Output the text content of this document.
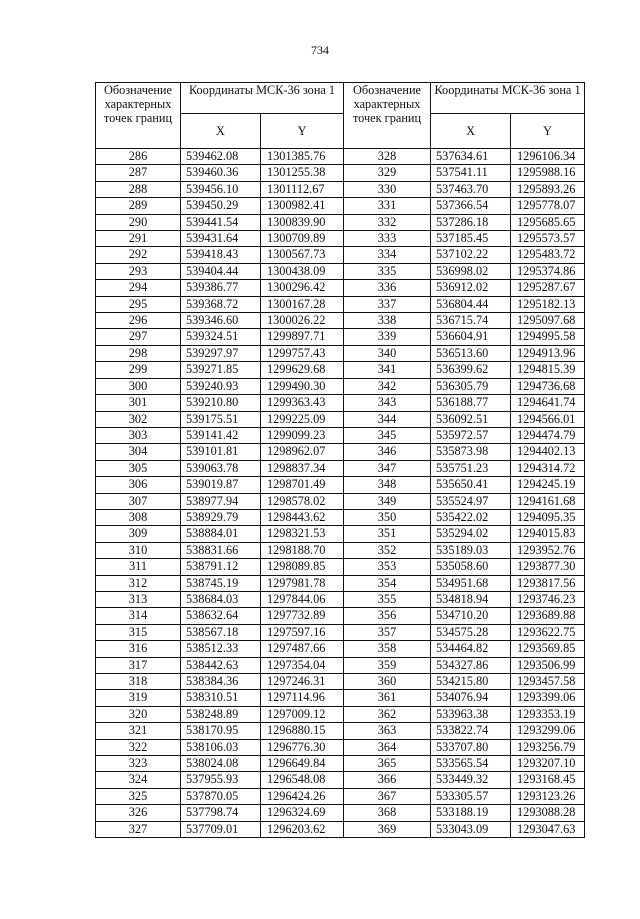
734
Обозначение характерных точек границ	Координаты МСК-36 зона 1		Обозначение характерных точек границ	Координаты МСК-36 зона 1	
	X	Y		X	Y
286	539462.08	1301385.76	328	537634.61	1296106.34
287	539460.36	1301255.38	329	537541.11	1295988.16
288	539456.10	1301112.67	330	537463.70	1295893.26
289	539450.29	1300982.41	331	537366.54	1295778.07
290	539441.54	1300839.90	332	537286.18	1295685.65
291	539431.64	1300709.89	333	537185.45	1295573.57
292	539418.43	1300567.73	334	537102.22	1295483.72
293	539404.44	1300438.09	335	536998.02	1295374.86
294	539386.77	1300296.42	336	536912.02	1295287.67
295	539368.72	1300167.28	337	536804.44	1295182.13
296	539346.60	1300026.22	338	536715.74	1295097.68
297	539324.51	1299897.71	339	536604.91	1294995.58
298	539297.97	1299757.43	340	536513.60	1294913.96
299	539271.85	1299629.68	341	536399.62	1294815.39
300	539240.93	1299490.30	342	536305.79	1294736.68
301	539210.80	1299363.43	343	536188.77	1294641.74
302	539175.51	1299225.09	344	536092.51	1294566.01
303	539141.42	1299099.23	345	535972.57	1294474.79
304	539101.81	1298962.07	346	535873.98	1294402.13
305	539063.78	1298837.34	347	535751.23	1294314.72
306	539019.87	1298701.49	348	535650.41	1294245.19
307	538977.94	1298578.02	349	535524.97	1294161.68
308	538929.79	1298443.62	350	535422.02	1294095.35
309	538884.01	1298321.53	351	535294.02	1294015.83
310	538831.66	1298188.70	352	535189.03	1293952.76
311	538791.12	1298089.85	353	535058.60	1293877.30
312	538745.19	1297981.78	354	534951.68	1293817.56
313	538684.03	1297844.06	355	534818.94	1293746.23
314	538632.64	1297732.89	356	534710.20	1293689.88
315	538567.18	1297597.16	357	534575.28	1293622.75
316	538512.33	1297487.66	358	534464.82	1293569.85
317	538442.63	1297354.04	359	534327.86	1293506.99
318	538384.36	1297246.31	360	534215.80	1293457.58
319	538310.51	1297114.96	361	534076.94	1293399.06
320	538248.89	1297009.12	362	533963.38	1293353.19
321	538170.95	1296880.15	363	533822.74	1293299.06
322	538106.03	1296776.30	364	533707.80	1293256.79
323	538024.08	1296649.84	365	533565.54	1293207.10
324	537955.93	1296548.08	366	533449.32	1293168.45
325	537870.05	1296424.26	367	533305.57	1293123.26
326	537798.74	1296324.69	368	533188.19	1293088.28
327	537709.01	1296203.62	369	533043.09	1293047.63
